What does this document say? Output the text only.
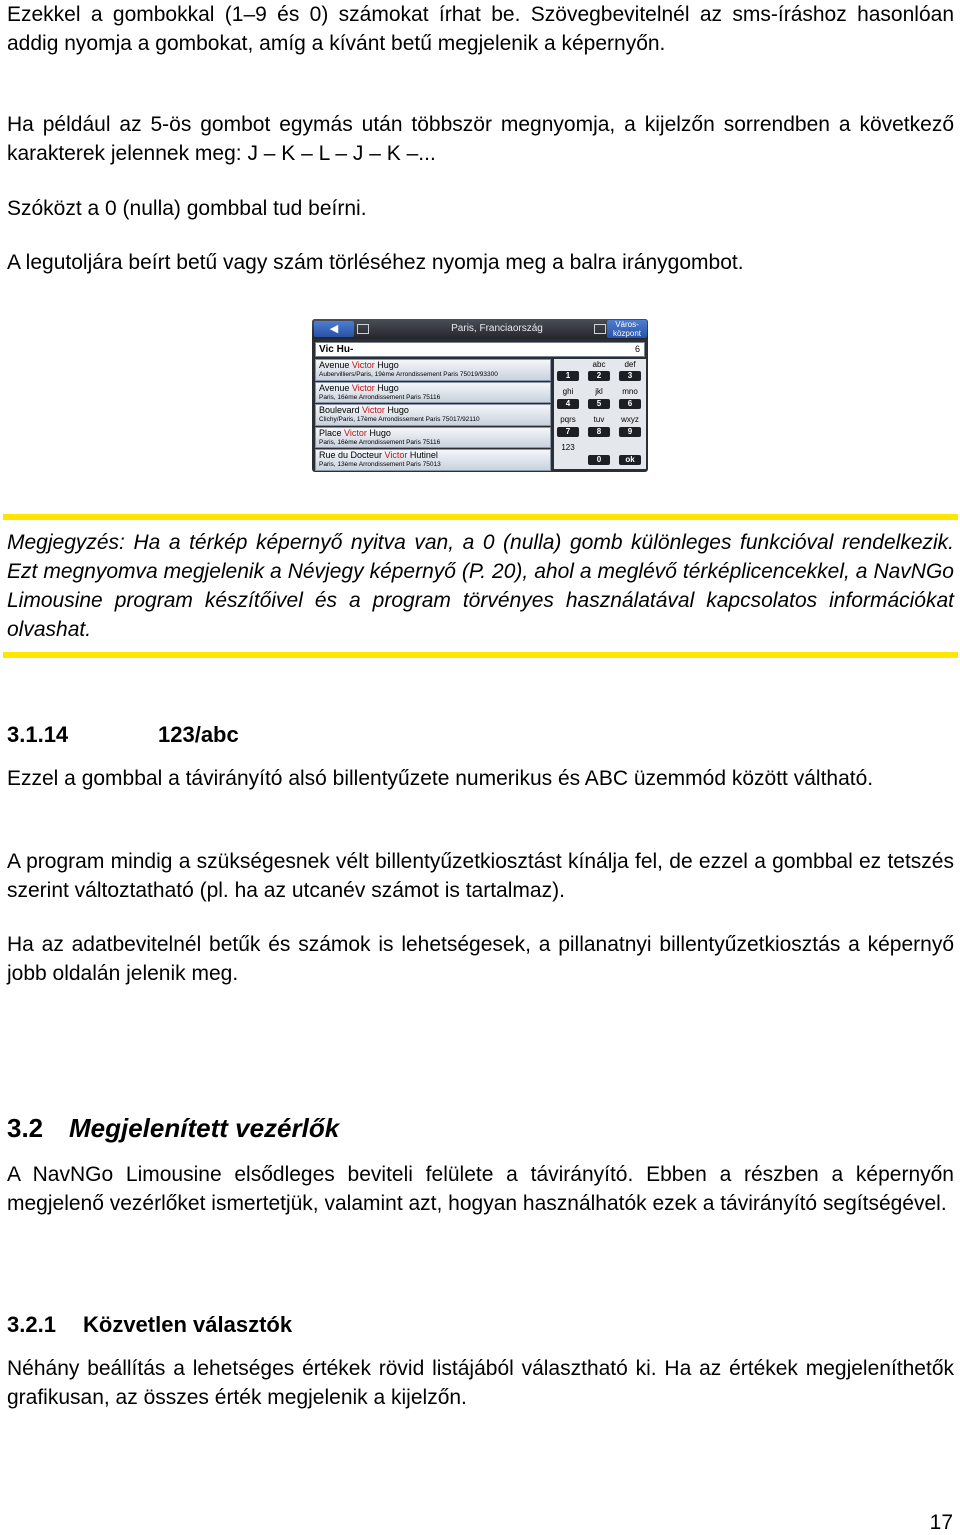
Ezekkel a gombokkal (1–9 és 0) számokat írhat be. Szövegbevitelnél az sms-íráshoz hasonlóan addig nyomja a gombokat, amíg a kívánt betű megjelenik a képernyőn.

Ha például az 5-ös gombot egymás után többször megnyomja, a kijelzőn sorrendben a következő karakterek jelennek meg: J – K – L – J – K –...

Szóközt a 0 (nulla) gombbal tud beírni.

A legutoljára beírt betű vagy szám törléséhez nyomja meg a balra iránygombot.

◀	Paris, Franciaország	Város-
központ
Vic Hu-	6
Avenue Victor Hugo
Aubervilliers/Paris, 19ème Arrondissement Paris 75019/93300
Avenue Victor Hugo
Paris, 16ème Arrondissement Paris 75116
Boulevard Victor Hugo
Clichy/Paris, 17ème Arrondissement Paris 75017/92110
Place Victor Hugo
Paris, 16ème Arrondissement Paris 75116
Rue du Docteur Victor Hutinel
Paris, 13ème Arrondissement Paris 75013
abc	def
1	2	3
ghi	jkl	mno
4	5	6
pqrs	tuv	wxyz
7	8	9
123
0	ok

Megjegyzés: Ha a térkép képernyő nyitva van, a 0 (nulla) gomb különleges funkcióval rendelkezik. Ezt megnyomva megjelenik a Névjegy képernyő (P. 20), ahol a meglévő térképlicencekkel, a NavNGo Limousine program készítőivel és a program törvényes használatával kapcsolatos információkat olvashat.

3.1.14	123/abc

Ezzel a gombbal a távirányító alsó billentyűzete numerikus és ABC üzemmód között váltható.

A program mindig a szükségesnek vélt billentyűzetkiosztást kínálja fel, de ezzel a gombbal ez tetszés szerint változtatható (pl. ha az utcanév számot is tartalmaz).

Ha az adatbevitelnél betűk és számok is lehetségesek, a pillanatnyi billentyűzetkiosztás a képernyő jobb oldalán jelenik meg.

3.2 Megjelenített vezérlők

A NavNGo Limousine elsődleges beviteli felülete a távirányító. Ebben a részben a képernyőn megjelenő vezérlőket ismertetjük, valamint azt, hogyan használhatók ezek a távirányító segítségével.

3.2.1 Közvetlen választók

Néhány beállítás a lehetséges értékek rövid listájából választható ki. Ha az értékek megjeleníthetők grafikusan, az összes érték megjelenik a kijelzőn.

17
